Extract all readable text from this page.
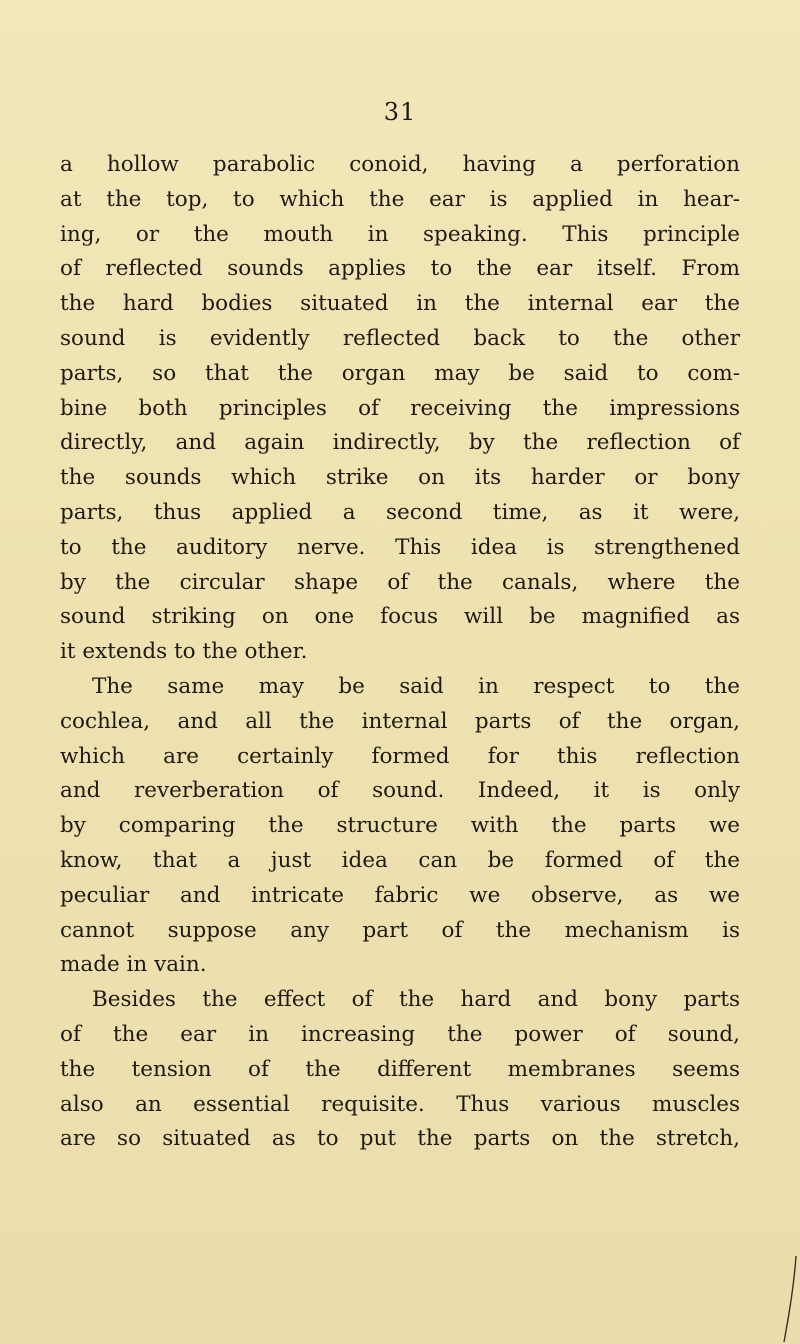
31
a hollow parabolic conoid, having a perforation
at the top, to which the ear is applied in hear-
ing, or the mouth in speaking. This principle
of reflected sounds applies to the ear itself. From
the hard bodies situated in the internal ear the
sound is evidently reflected back to the other
parts, so that the organ may be said to com-
bine both principles of receiving the impressions
directly, and again indirectly, by the reflection of
the sounds which strike on its harder or bony
parts, thus applied a second time, as it were,
to the auditory nerve. This idea is strengthened
by the circular shape of the canals, where the
sound striking on one focus will be magnified as
it extends to the other.
The same may be said in respect to the
cochlea, and all the internal parts of the organ,
which are certainly formed for this reflection
and reverberation of sound. Indeed, it is only
by comparing the structure with the parts we
know, that a just idea can be formed of the
peculiar and intricate fabric we observe, as we
cannot suppose any part of the mechanism is
made in vain.
Besides the effect of the hard and bony parts
of the ear in increasing the power of sound,
the tension of the different membranes seems
also an essential requisite. Thus various muscles
are so situated as to put the parts on the stretch,
